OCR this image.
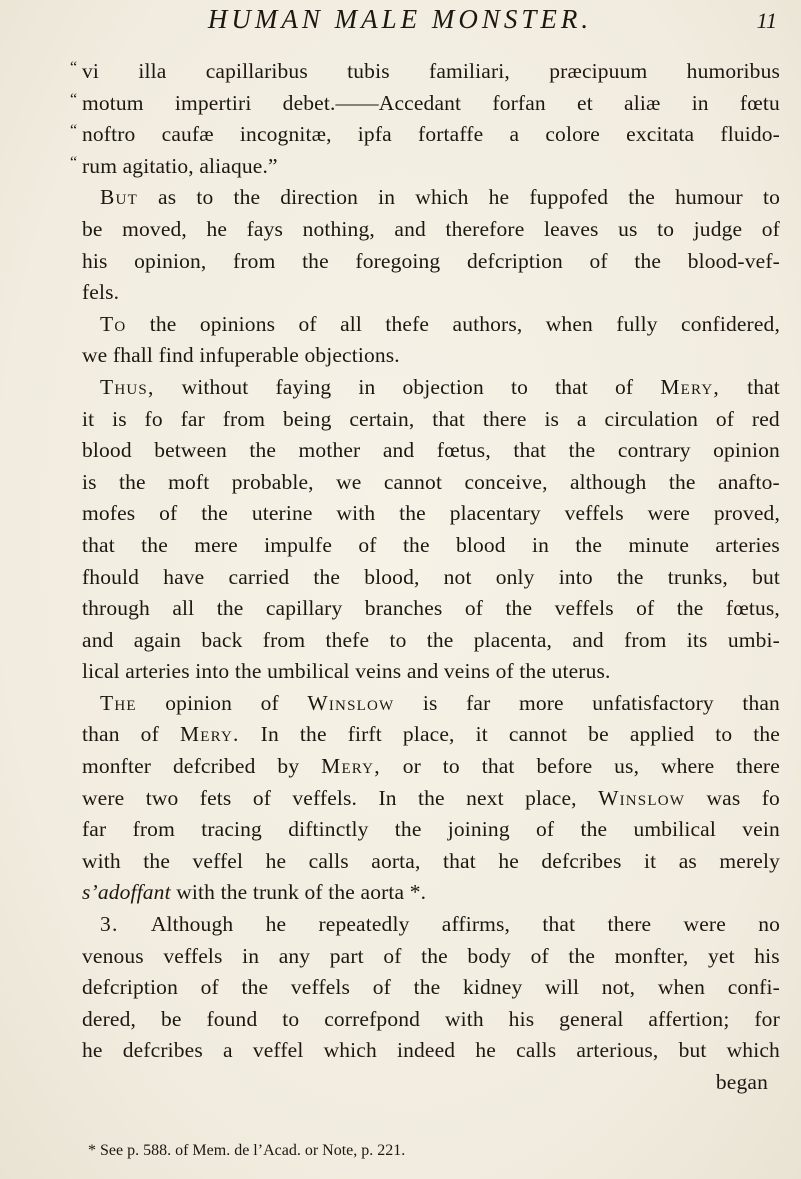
HUMAN MALE MONSTER.	11
“ vi illa capillaribus tubis familiari, præcipuum humoribus
“ motum impertiri debet.——Accedant forfan et aliæ in fœtu
“ noftro caufæ incognitæ, ipfa fortaffe a colore excitata fluido-
“ rum agitatio, aliaque.”
But as to the direction in which he fuppofed the humour to
be moved, he fays nothing, and therefore leaves us to judge of
his opinion, from the foregoing defcription of the blood-vef-
fels.
To the opinions of all thefe authors, when fully confidered,
we fhall find infuperable objections.
Thus, without faying in objection to that of Mery, that
it is fo far from being certain, that there is a circulation of red
blood between the mother and fœtus, that the contrary opinion
is the moft probable, we cannot conceive, although the anafto-
mofes of the uterine with the placentary veffels were proved,
that the mere impulfe of the blood in the minute arteries
fhould have carried the blood, not only into the trunks, but
through all the capillary branches of the veffels of the fœtus,
and again back from thefe to the placenta, and from its umbi-
lical arteries into the umbilical veins and veins of the uterus.
The opinion of Winslow is far more unfatisfactory than
than of Mery. In the firft place, it cannot be applied to the
monfter defcribed by Mery, or to that before us, where there
were two fets of veffels. In the next place, Winslow was fo
far from tracing diftinctly the joining of the umbilical vein
with the veffel he calls aorta, that he defcribes it as merely
s’adoffant with the trunk of the aorta *.
3. Although he repeatedly affirms, that there were no
venous veffels in any part of the body of the monfter, yet his
defcription of the veffels of the kidney will not, when confi-
dered, be found to correfpond with his general affertion; for
he defcribes a veffel which indeed he calls arterious, but which
began
* See p. 588. of Mem. de l’Acad. or Note, p. 221.
